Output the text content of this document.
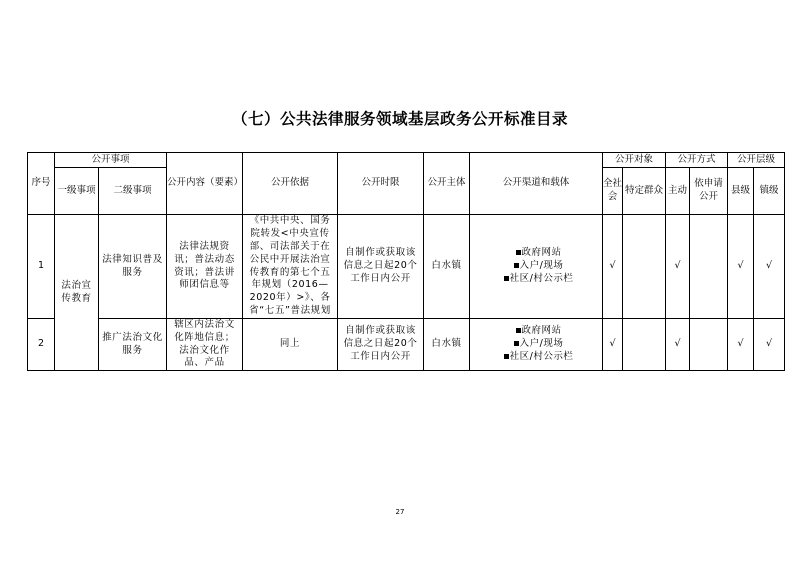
（七）公共法律服务领域基层政务公开标准目录
序号	公开事项		公开内容（要素）	公开依据	公开时限	公开主体	公开渠道和载体	公开对象		公开方式		公开层级	
	一级事项	二级事项						全社会	特定群众	主动	依申请公开	县级	镇级
1	法治宣传教育	法律知识普及服务	法律法规资讯；普法动态资讯；普法讲师团信息等	《中共中央、国务院转发<中央宣传部、司法部关于在公民中开展法治宣传教育的第七个五年规划（2016—2020年）>》、各省“七五”普法规划	自制作或获取该信息之日起20个工作日内公开	白水镇	政府网站
入户/现场
社区/村公示栏	√		√		√	√
2		推广法治文化服务	辖区内法治文化阵地信息；法治文化作品、产品	同上	自制作或获取该信息之日起20个工作日内公开	白水镇	政府网站
入户/现场
社区/村公示栏	√		√		√	√
27
